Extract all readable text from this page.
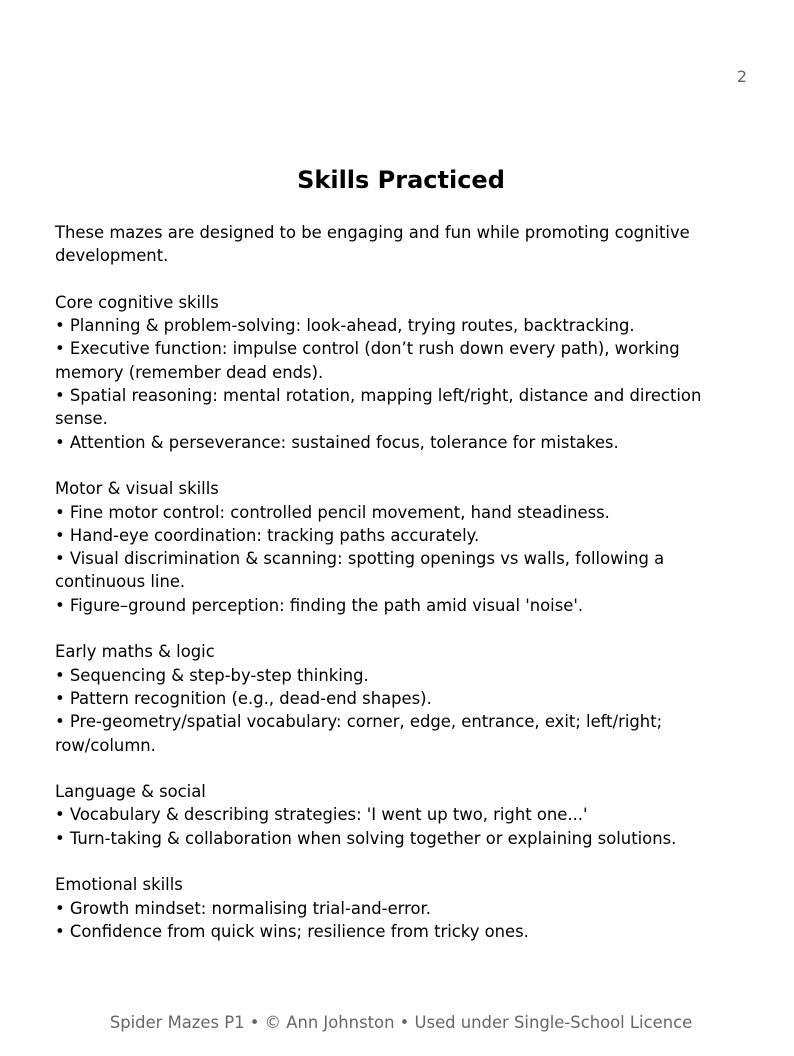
2
Skills Practiced

These mazes are designed to be engaging and fun while promoting cognitive development.

Core cognitive skills

• Planning & problem-solving: look-ahead, trying routes, backtracking.

• Executive function: impulse control (don’t rush down every path), working memory (remember dead ends).

• Spatial reasoning: mental rotation, mapping left/right, distance and direction sense.

• Attention & perseverance: sustained focus, tolerance for mistakes.

Motor & visual skills

• Fine motor control: controlled pencil movement, hand steadiness.

• Hand-eye coordination: tracking paths accurately.

• Visual discrimination & scanning: spotting openings vs walls, following a continuous line.

• Figure–ground perception: finding the path amid visual 'noise'.

Early maths & logic

• Sequencing & step-by-step thinking.

• Pattern recognition (e.g., dead-end shapes).

• Pre-geometry/spatial vocabulary: corner, edge, entrance, exit; left/right; row/column.

Language & social

• Vocabulary & describing strategies: 'I went up two, right one...'

• Turn-taking & collaboration when solving together or explaining solutions.

Emotional skills

• Growth mindset: normalising trial-and-error.

• Confidence from quick wins; resilience from tricky ones.

Spider Mazes P1 • © Ann Johnston • Used under Single-School Licence
